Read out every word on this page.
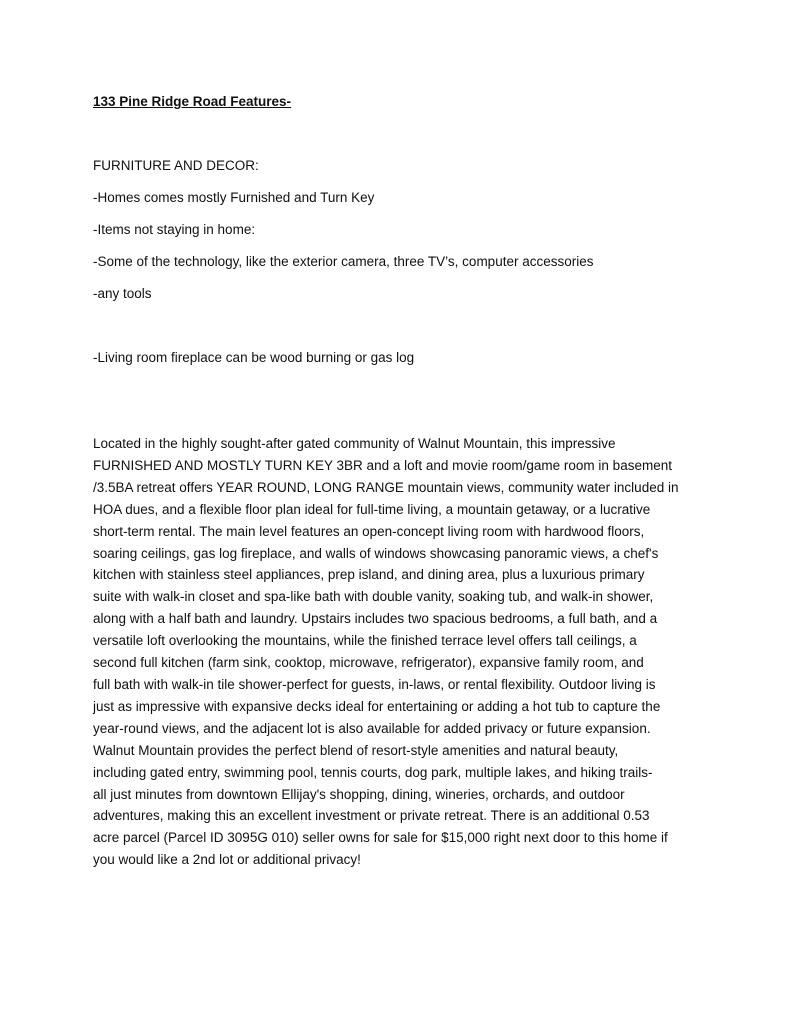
133 Pine Ridge Road Features-

FURNITURE AND DECOR:

-Homes comes mostly Furnished and Turn Key

-Items not staying in home:

-Some of the technology, like the exterior camera, three TV’s, computer accessories

-any tools

-Living room fireplace can be wood burning or gas log

Located in the highly sought-after gated community of Walnut Mountain, this impressive
FURNISHED AND MOSTLY TURN KEY 3BR and a loft and movie room/game room in basement
/3.5BA retreat offers YEAR ROUND, LONG RANGE mountain views, community water included in
HOA dues, and a flexible floor plan ideal for full-time living, a mountain getaway, or a lucrative
short-term rental. The main level features an open-concept living room with hardwood floors,
soaring ceilings, gas log fireplace, and walls of windows showcasing panoramic views, a chef's
kitchen with stainless steel appliances, prep island, and dining area, plus a luxurious primary
suite with walk-in closet and spa-like bath with double vanity, soaking tub, and walk-in shower,
along with a half bath and laundry. Upstairs includes two spacious bedrooms, a full bath, and a
versatile loft overlooking the mountains, while the finished terrace level offers tall ceilings, a
second full kitchen (farm sink, cooktop, microwave, refrigerator), expansive family room, and
full bath with walk-in tile shower-perfect for guests, in-laws, or rental flexibility. Outdoor living is
just as impressive with expansive decks ideal for entertaining or adding a hot tub to capture the
year-round views, and the adjacent lot is also available for added privacy or future expansion.
Walnut Mountain provides the perfect blend of resort-style amenities and natural beauty,
including gated entry, swimming pool, tennis courts, dog park, multiple lakes, and hiking trails-
all just minutes from downtown Ellijay's shopping, dining, wineries, orchards, and outdoor
adventures, making this an excellent investment or private retreat. There is an additional 0.53
acre parcel (Parcel ID 3095G 010) seller owns for sale for $15,000 right next door to this home if
you would like a 2nd lot or additional privacy!
